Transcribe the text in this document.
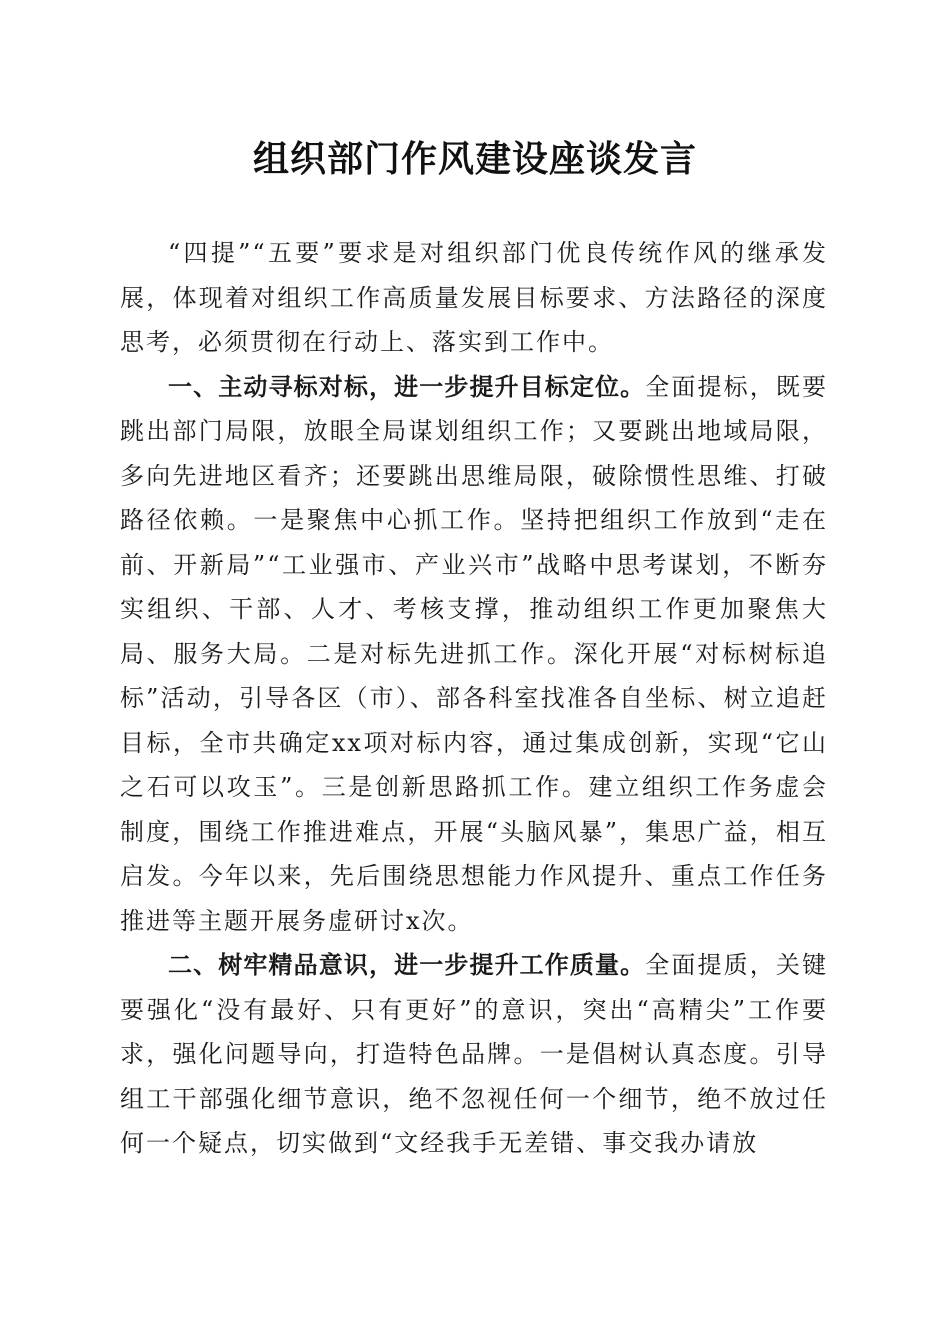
组织部门作风建设座谈发言

“四提”“五要”要求是对组织部门优良传统作风的继承发展，体现着对组织工作高质量发展目标要求、方法路径的深度思考，必须贯彻在行动上、落实到工作中。

一、主动寻标对标，进一步提升目标定位。全面提标，既要跳出部门局限，放眼全局谋划组织工作；又要跳出地域局限，多向先进地区看齐；还要跳出思维局限，破除惯性思维、打破路径依赖。一是聚焦中心抓工作。坚持把组织工作放到“走在前、开新局”“工业强市、产业兴市”战略中思考谋划，不断夯实组织、干部、人才、考核支撑，推动组织工作更加聚焦大局、服务大局。二是对标先进抓工作。深化开展“对标树标追标”活动，引导各区（市）、部各科室找准各自坐标、树立追赶目标，全市共确定xx项对标内容，通过集成创新，实现“它山之石可以攻玉”。三是创新思路抓工作。建立组织工作务虚会制度，围绕工作推进难点，开展“头脑风暴”，集思广益，相互启发。今年以来，先后围绕思想能力作风提升、重点工作任务推进等主题开展务虚研讨x次。

二、树牢精品意识，进一步提升工作质量。全面提质，关键要强化“没有最好、只有更好”的意识，突出“高精尖”工作要求，强化问题导向，打造特色品牌。一是倡树认真态度。引导组工干部强化细节意识，绝不忽视任何一个细节，绝不放过任何一个疑点，切实做到“文经我手无差错、事交我办请放
